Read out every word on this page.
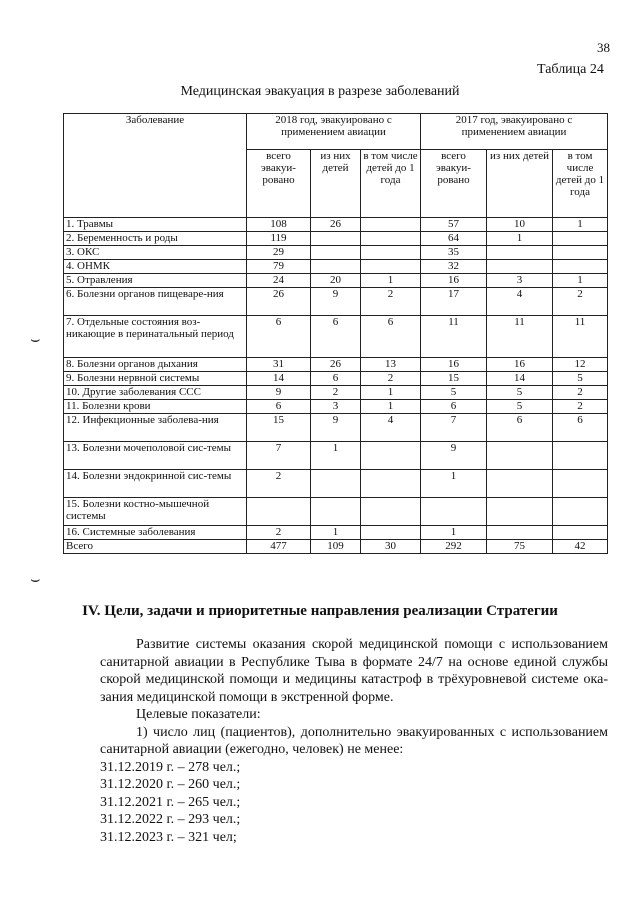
38
Таблица 24
Медицинская эвакуация в разрезе заболеваний
Заболевание	2018 год, эвакуировано с применением авиации			2017 год, эвакуировано с применением авиации		
	всего эвакуи-ровано	из них детей	в том числе детей до 1 года	всего эвакуи-ровано	из них детей	в том числе детей до 1 года
1. Травмы	108	26		57	10	1
2. Беременность и роды	119			64	1	
3. ОКС	29			35		
4. ОНМК	79			32		
5. Отравления	24	20	1	16	3	1
6. Болезни органов пищеваре-ния	26	9	2	17	4	2
7. Отдельные состояния воз-никающие в перинатальный период	6	6	6	11	11	11
8. Болезни органов дыхания	31	26	13	16	16	12
9. Болезни нервной системы	14	6	2	15	14	5
10. Другие заболевания ССС	9	2	1	5	5	2
11. Болезни крови	6	3	1	6	5	2
12. Инфекционные заболева-ния	15	9	4	7	6	6
13. Болезни мочеполовой сис-темы	7	1		9		
14. Болезни эндокринной сис-темы	2			1		
15. Болезни костно-мышечной системы						
16. Системные заболевания	2	1		1		
Всего	477	109	30	292	75	42
⌣
⌣
IV. Цели, задачи и приоритетные направления реализации Стратегии

Развитие системы оказания скорой медицинской помощи с использованием санитарной авиации в Республике Тыва в формате 24/7 на основе единой службы скорой медицинской помощи и медицины катастроф в трёхуровневой системе ока-зания медицинской помощи в экстренной форме.

Целевые показатели:

1) число лиц (пациентов), дополнительно эвакуированных с использованием санитарной авиации (ежегодно, человек) не менее:

31.12.2019 г. – 278 чел.;

31.12.2020 г. – 260 чел.;

31.12.2021 г. – 265 чел.;

31.12.2022 г. – 293 чел.;

31.12.2023 г. – 321 чел;
